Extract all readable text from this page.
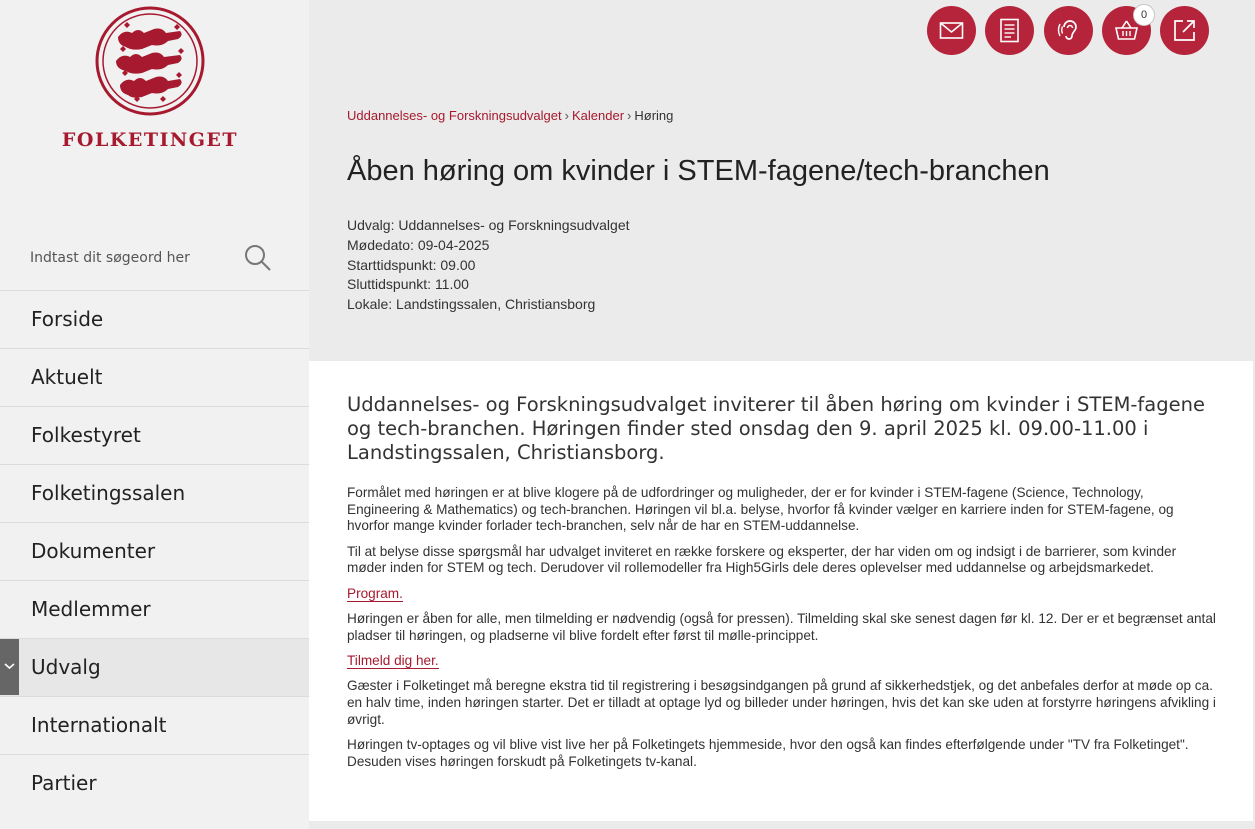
FOLKETINGET
Indtast dit søgeord her
Forside
Aktuelt
Folkestyret
Folketingssalen
Dokumenter
Medlemmer
Udvalg
Internationalt
Partier
0
Uddannelses- og Forskningsudvalget › Kalender › Høring
Åben høring om kvinder i STEM-fagene/tech-branchen
Udvalg: Uddannelses- og Forskningsudvalget
Mødedato: 09-04-2025
Starttidspunkt: 09.00
Sluttidspunkt: 11.00
Lokale: Landstingssalen, Christiansborg
Uddannelses- og Forskningsudvalget inviterer til åben høring om kvinder i STEM-fagene og tech-branchen. Høringen finder sted onsdag den 9. april 2025 kl. 09.00-11.00 i Landstingssalen, Christiansborg.

Formålet med høringen er at blive klogere på de udfordringer og muligheder, der er for kvinder i STEM-fagene (Science, Technology, Engineering & Mathematics) og tech-branchen. Høringen vil bl.a. belyse, hvorfor få kvinder vælger en karriere inden for STEM-fagene, og hvorfor mange kvinder forlader tech-branchen, selv når de har en STEM-uddannelse.

Til at belyse disse spørgsmål har udvalget inviteret en række forskere og eksperter, der har viden om og indsigt i de barrierer, som kvinder møder inden for STEM og tech. Derudover vil rollemodeller fra High5Girls dele deres oplevelser med uddannelse og arbejdsmarkedet.

Program.

Høringen er åben for alle, men tilmelding er nødvendig (også for pressen). Tilmelding skal ske senest dagen før kl. 12. Der er et begrænset antal pladser til høringen, og pladserne vil blive fordelt efter først til mølle-princippet.

Tilmeld dig her.

Gæster i Folketinget må beregne ekstra tid til registrering i besøgsindgangen på grund af sikkerhedstjek, og det anbefales derfor at møde op ca. en halv time, inden høringen starter. Det er tilladt at optage lyd og billeder under høringen, hvis det kan ske uden at forstyrre høringens afvikling i øvrigt.

Høringen tv-optages og vil blive vist live her på Folketingets hjemmeside, hvor den også kan findes efterfølgende under "TV fra Folketinget". Desuden vises høringen forskudt på Folketingets tv-kanal.
